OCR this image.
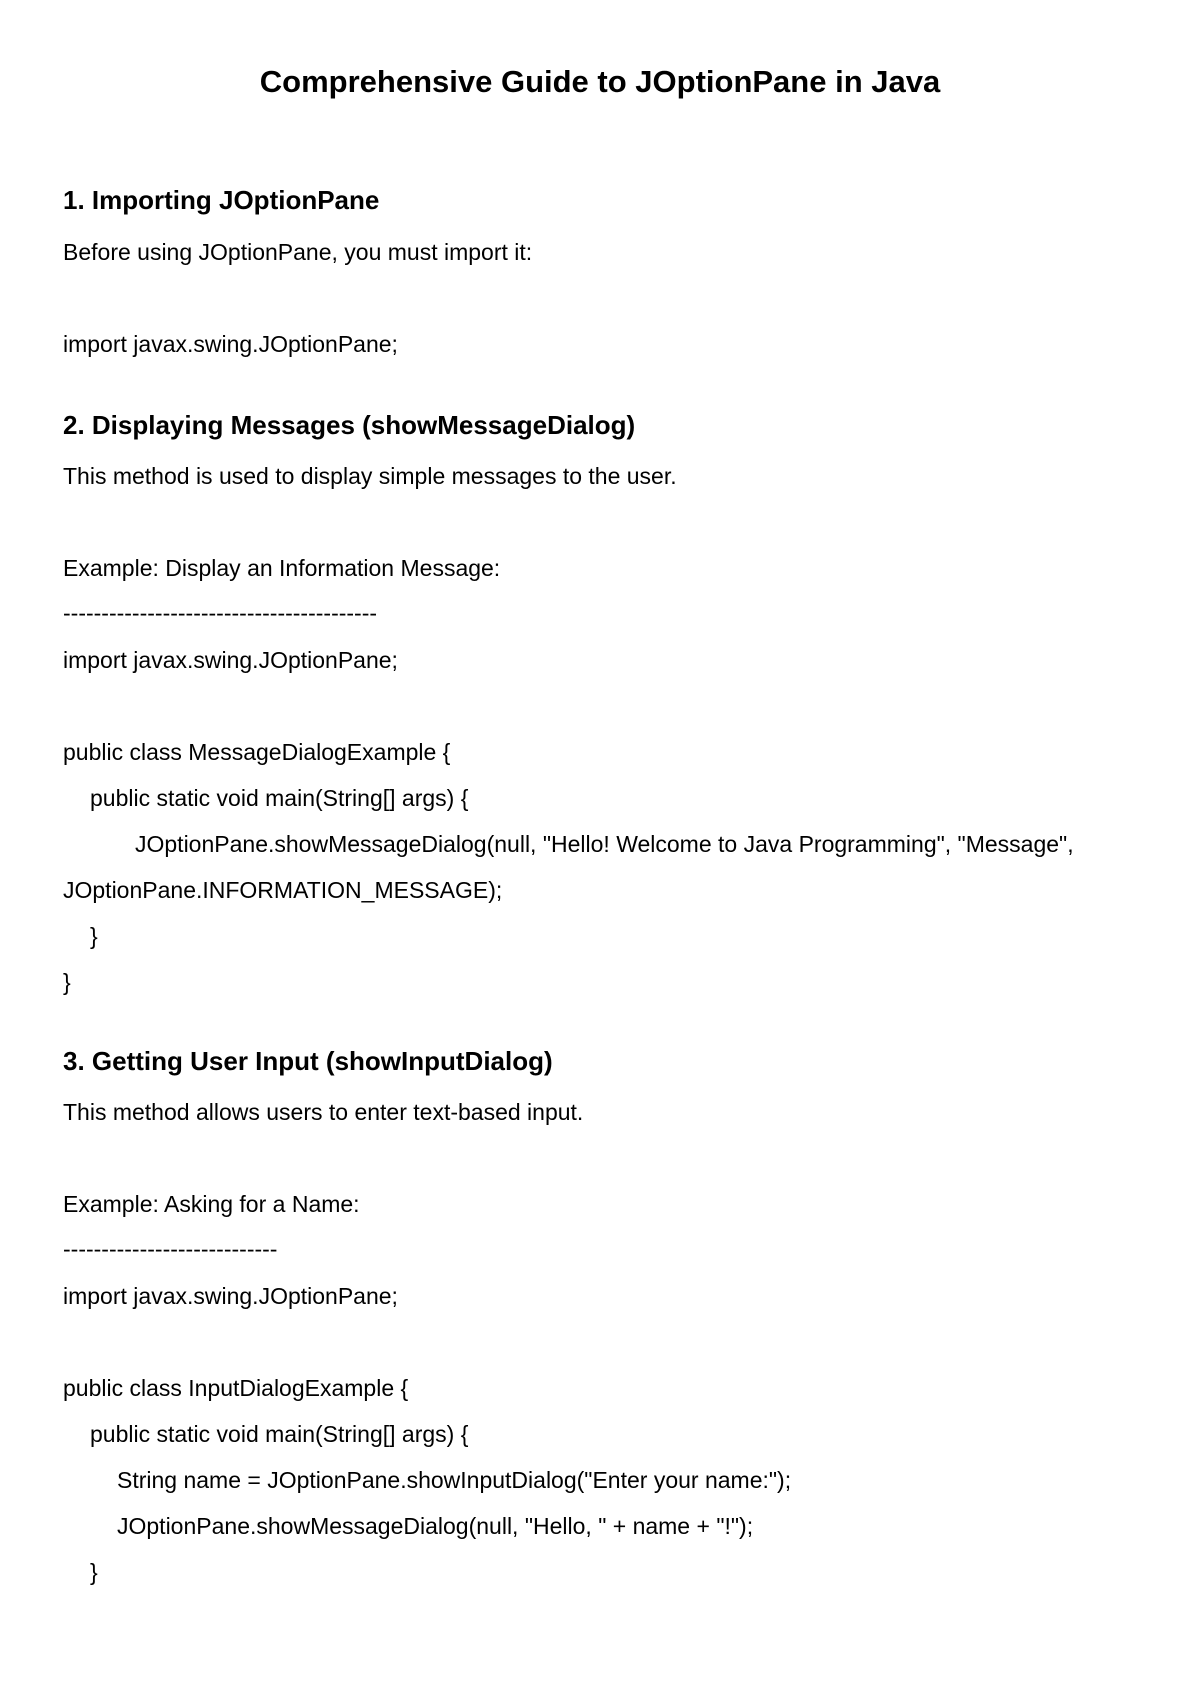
Comprehensive Guide to JOptionPane in Java
1. Importing JOptionPane

Before using JOptionPane, you must import it:

import javax.swing.JOptionPane;

2. Displaying Messages (showMessageDialog)

This method is used to display simple messages to the user.

Example: Display an Information Message:

-----------------------------------------

import javax.swing.JOptionPane;

public class MessageDialogExample {

public static void main(String[] args) {

JOptionPane.showMessageDialog(null, "Hello! Welcome to Java Programming", "Message",

JOptionPane.INFORMATION_MESSAGE);

}

}

3. Getting User Input (showInputDialog)

This method allows users to enter text-based input.

Example: Asking for a Name:

----------------------------

import javax.swing.JOptionPane;

public class InputDialogExample {

public static void main(String[] args) {

String name = JOptionPane.showInputDialog("Enter your name:");

JOptionPane.showMessageDialog(null, "Hello, " + name + "!");

}
